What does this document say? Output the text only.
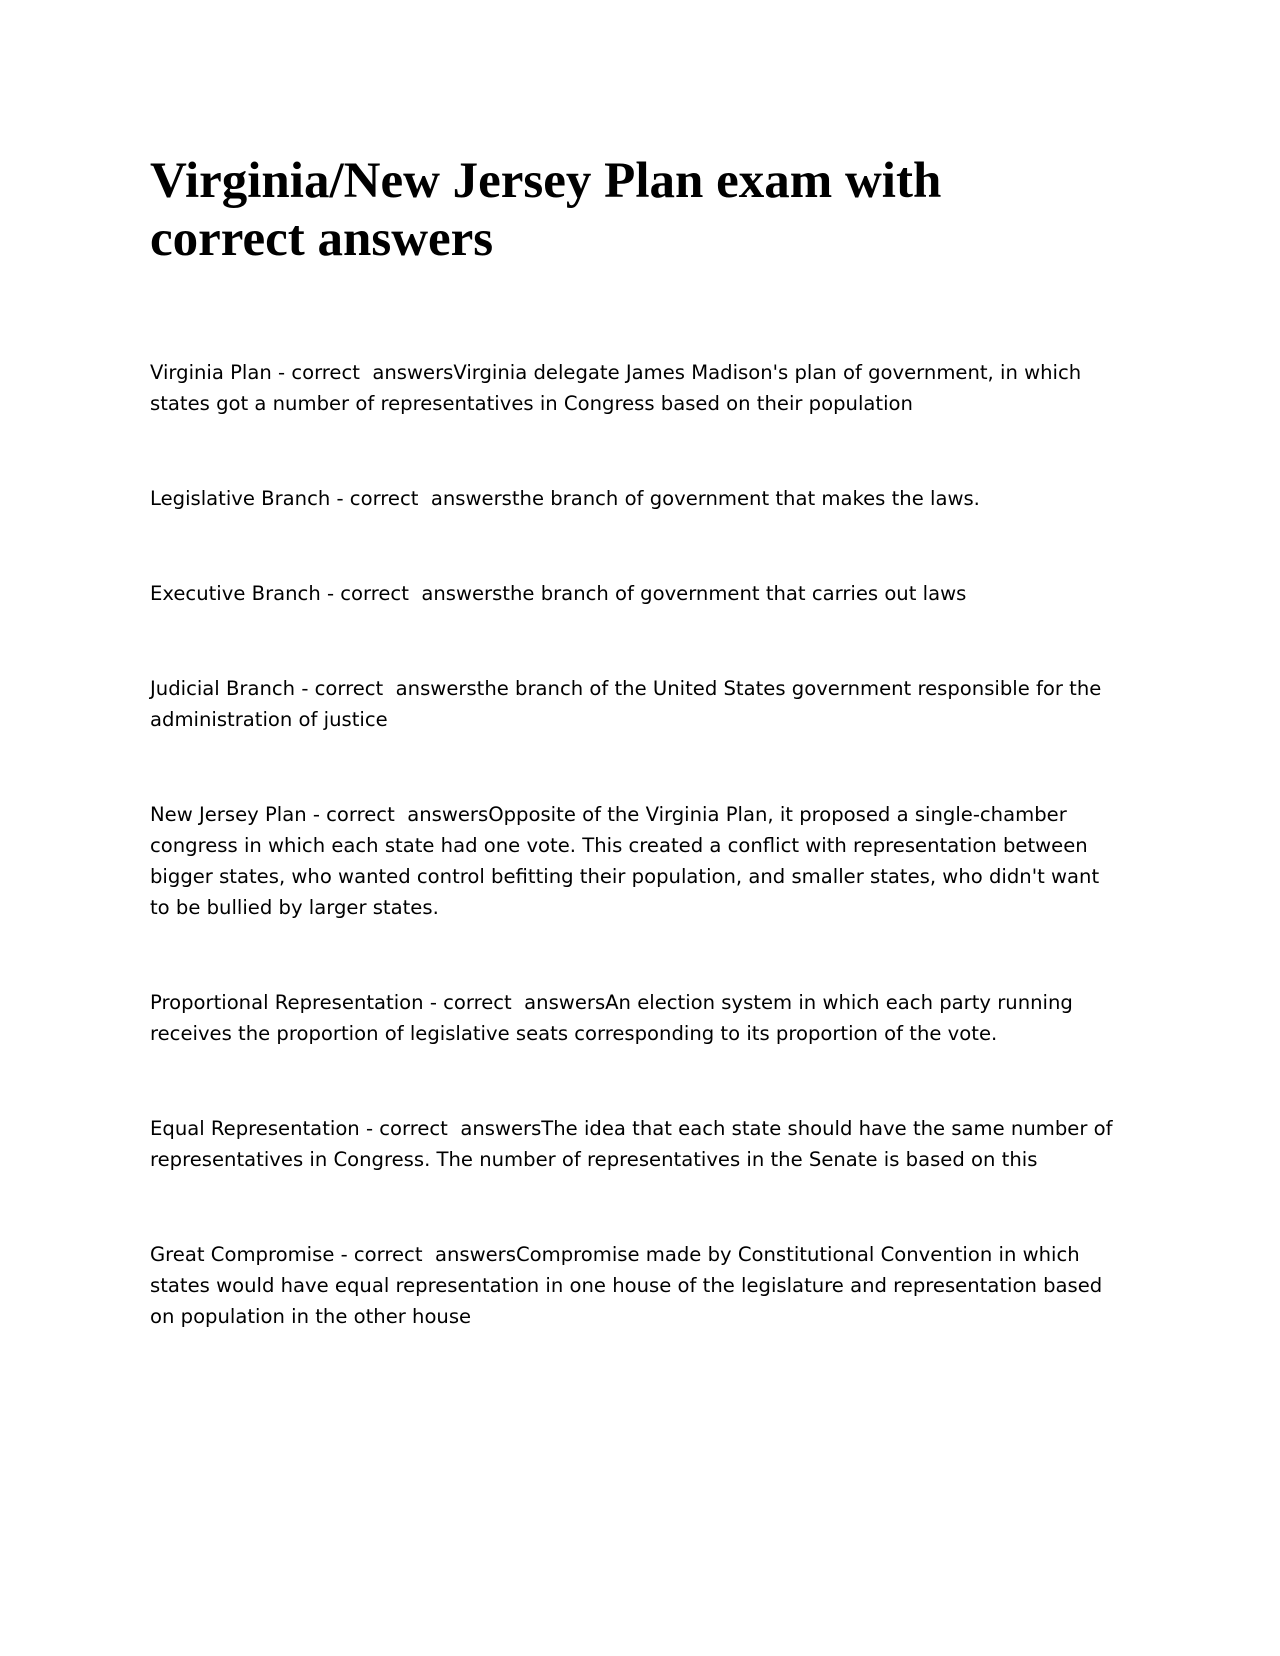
Virginia/New Jersey Plan exam with correct answers

Virginia Plan - correct  answersVirginia delegate James Madison's plan of government, in which states got a number of representatives in Congress based on their population

Legislative Branch - correct  answersthe branch of government that makes the laws.

Executive Branch - correct  answersthe branch of government that carries out laws

Judicial Branch - correct  answersthe branch of the United States government responsible for the administration of justice

New Jersey Plan - correct  answersOpposite of the Virginia Plan, it proposed a single-chamber congress in which each state had one vote. This created a conflict with representation between bigger states, who wanted control befitting their population, and smaller states, who didn't want to be bullied by larger states.

Proportional Representation - correct  answersAn election system in which each party running receives the proportion of legislative seats corresponding to its proportion of the vote.

Equal Representation - correct  answersThe idea that each state should have the same number of representatives in Congress. The number of representatives in the Senate is based on this

Great Compromise - correct  answersCompromise made by Constitutional Convention in which states would have equal representation in one house of the legislature and representation based on population in the other house
